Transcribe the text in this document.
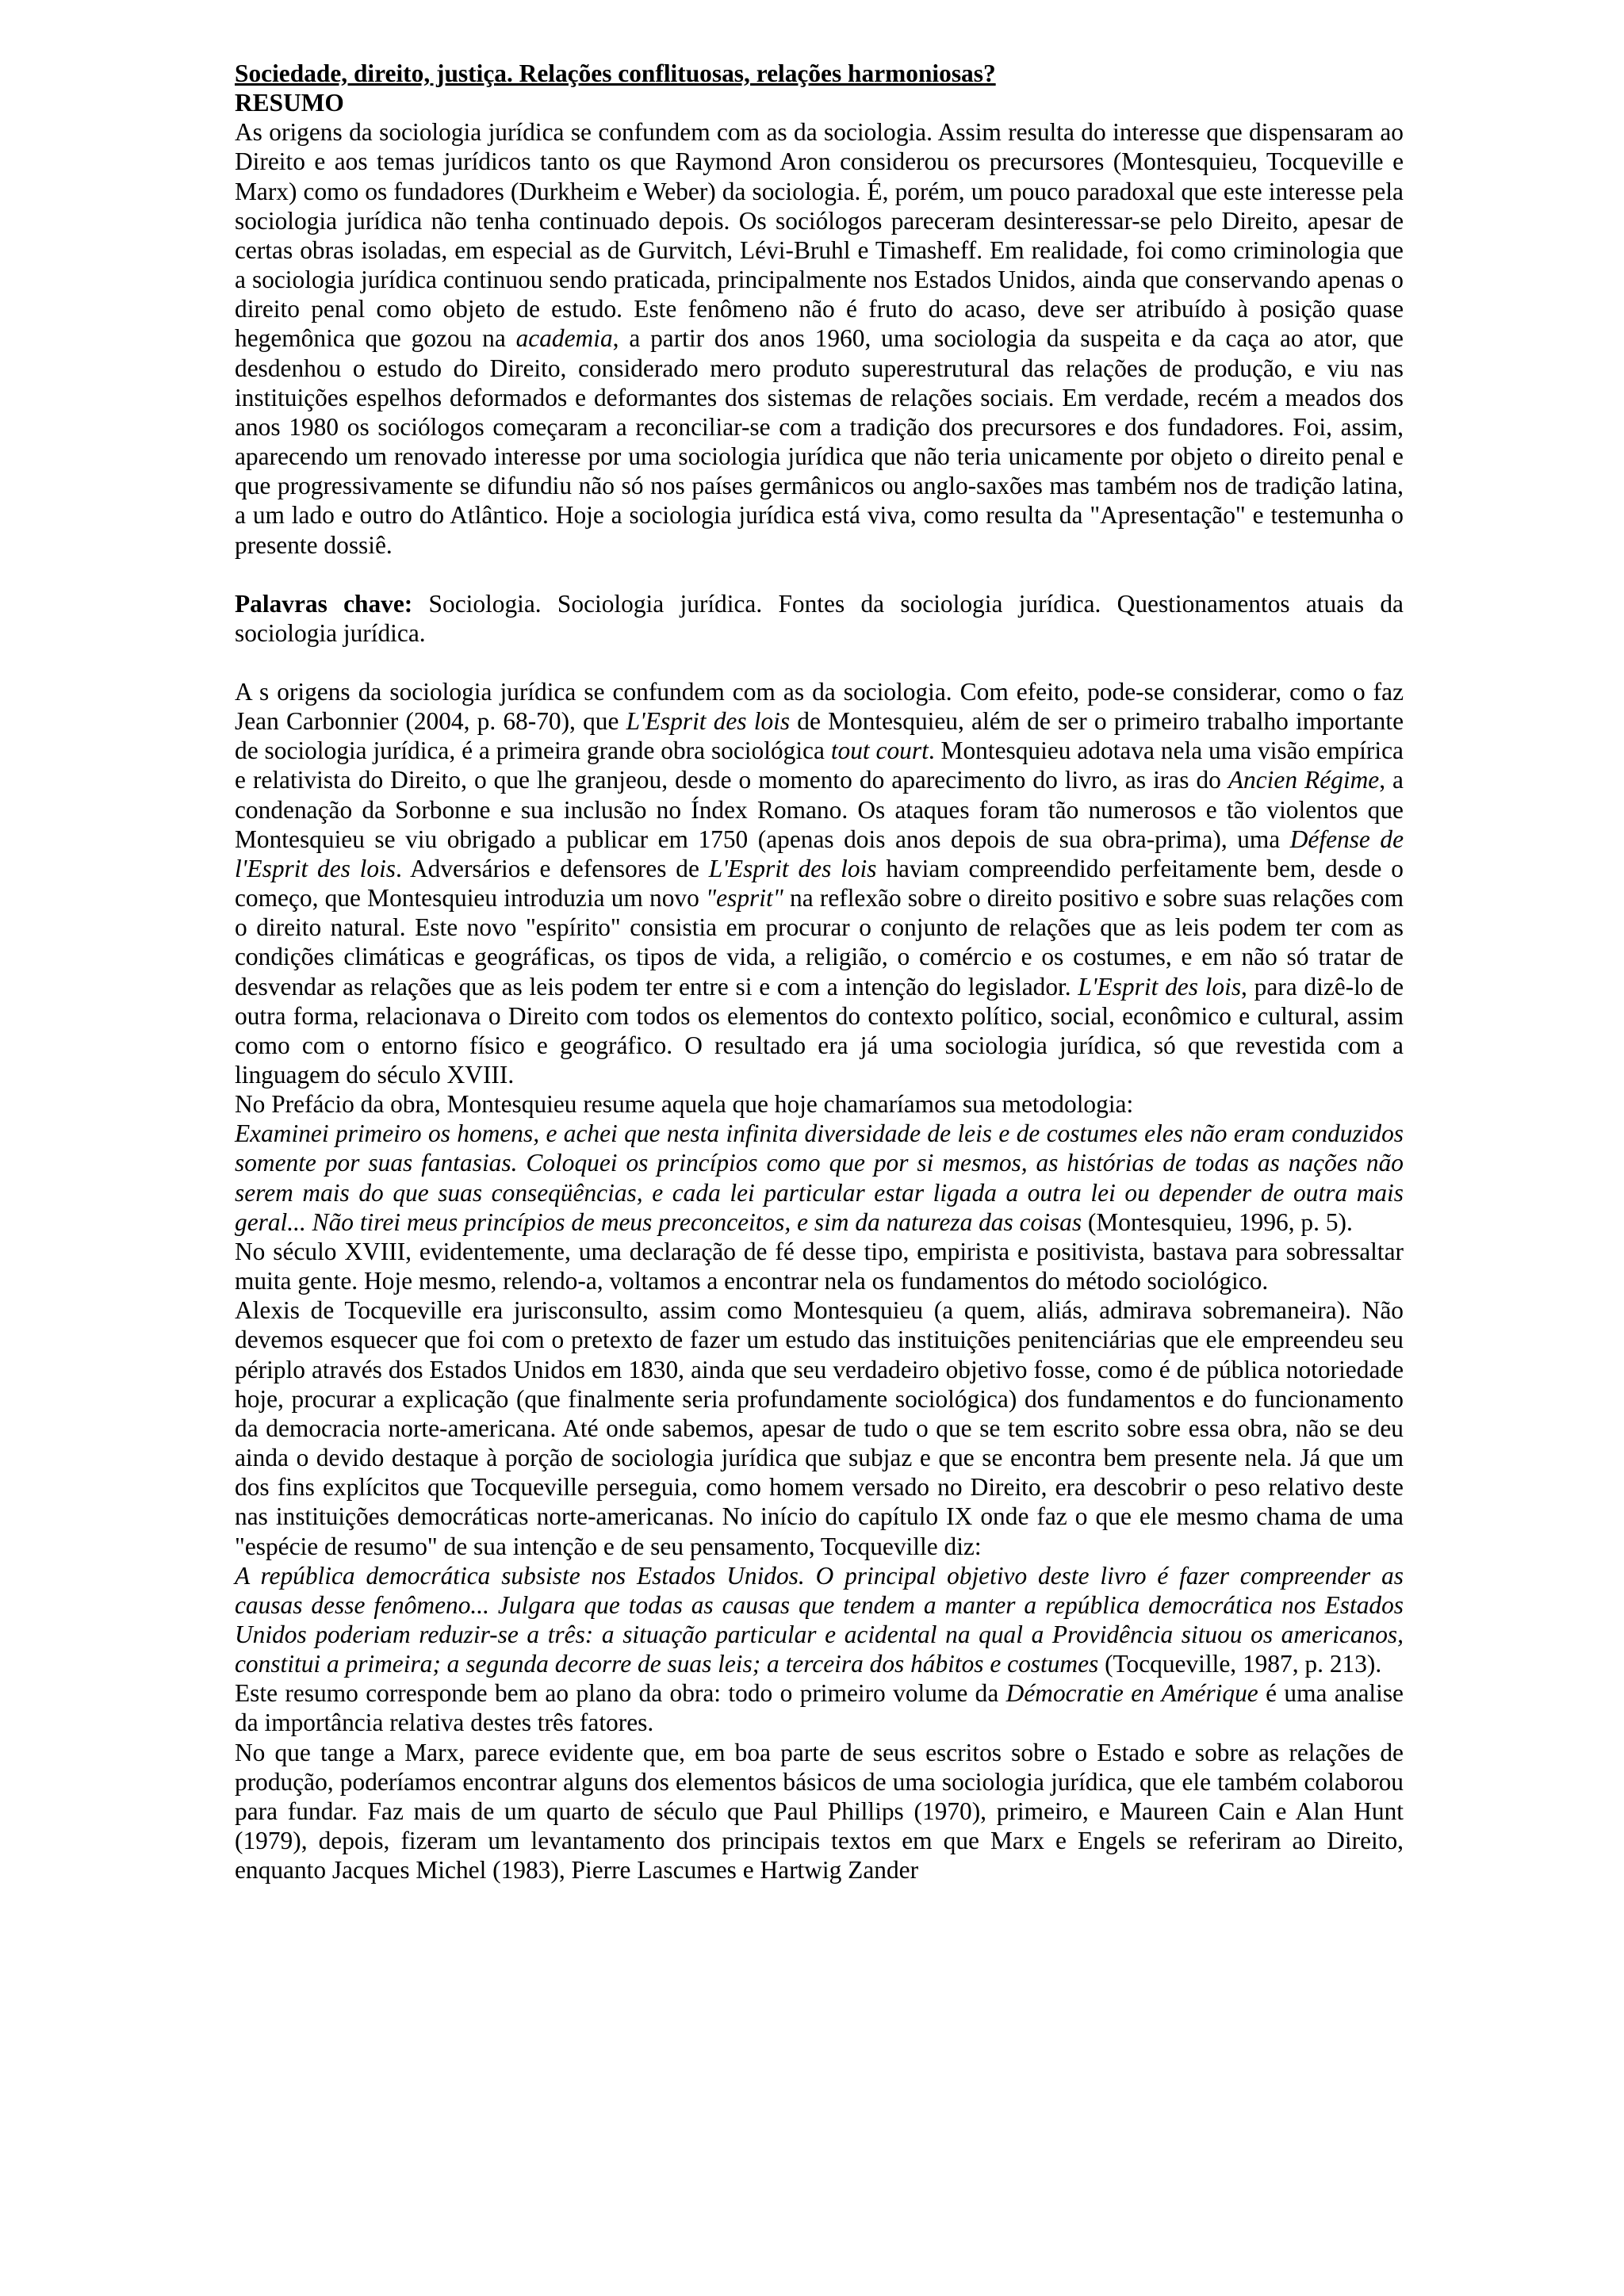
Sociedade, direito, justiça. Relações conflituosas, relações harmoniosas?

RESUMO

As origens da sociologia jurídica se confundem com as da sociologia. Assim resulta do interesse que dispensaram ao Direito e aos temas jurídicos tanto os que Raymond Aron considerou os precursores (Montesquieu, Tocqueville e Marx) como os fundadores (Durkheim e Weber) da sociologia. É, porém, um pouco paradoxal que este interesse pela sociologia jurídica não tenha continuado depois. Os sociólogos pareceram desinteressar-se pelo Direito, apesar de certas obras isoladas, em especial as de Gurvitch, Lévi-Bruhl e Timasheff. Em realidade, foi como criminologia que a sociologia jurídica continuou sendo praticada, principalmente nos Estados Unidos, ainda que conservando apenas o direito penal como objeto de estudo. Este fenômeno não é fruto do acaso, deve ser atribuído à posição quase hegemônica que gozou na academia, a partir dos anos 1960, uma sociologia da suspeita e da caça ao ator, que desdenhou o estudo do Direito, considerado mero produto superestrutural das relações de produção, e viu nas instituições espelhos deformados e deformantes dos sistemas de relações sociais. Em verdade, recém a meados dos anos 1980 os sociólogos começaram a reconciliar-se com a tradição dos precursores e dos fundadores. Foi, assim, aparecendo um renovado interesse por uma sociologia jurídica que não teria unicamente por objeto o direito penal e que progressivamente se difundiu não só nos países germânicos ou anglo-saxões mas também nos de tradição latina, a um lado e outro do Atlântico. Hoje a sociologia jurídica está viva, como resulta da "Apresentação" e testemunha o presente dossiê.

Palavras chave: Sociologia. Sociologia jurídica. Fontes da sociologia jurídica. Questionamentos atuais da sociologia jurídica.

A s origens da sociologia jurídica se confundem com as da sociologia. Com efeito, pode-se considerar, como o faz Jean Carbonnier (2004, p. 68-70), que L'Esprit des lois de Montesquieu, além de ser o primeiro trabalho importante de sociologia jurídica, é a primeira grande obra sociológica tout court. Montesquieu adotava nela uma visão empírica e relativista do Direito, o que lhe granjeou, desde o momento do aparecimento do livro, as iras do Ancien Régime, a condenação da Sorbonne e sua inclusão no Índex Romano. Os ataques foram tão numerosos e tão violentos que Montesquieu se viu obrigado a publicar em 1750 (apenas dois anos depois de sua obra-prima), uma Défense de l'Esprit des lois. Adversários e defensores de L'Esprit des lois haviam compreendido perfeitamente bem, desde o começo, que Montesquieu introduzia um novo "esprit" na reflexão sobre o direito positivo e sobre suas relações com o direito natural. Este novo "espírito" consistia em procurar o conjunto de relações que as leis podem ter com as condições climáticas e geográficas, os tipos de vida, a religião, o comércio e os costumes, e em não só tratar de desvendar as relações que as leis podem ter entre si e com a intenção do legislador. L'Esprit des lois, para dizê-lo de outra forma, relacionava o Direito com todos os elementos do contexto político, social, econômico e cultural, assim como com o entorno físico e geográfico. O resultado era já uma sociologia jurídica, só que revestida com a linguagem do século XVIII.

No Prefácio da obra, Montesquieu resume aquela que hoje chamaríamos sua metodologia:

Examinei primeiro os homens, e achei que nesta infinita diversidade de leis e de costumes eles não eram conduzidos somente por suas fantasias. Coloquei os princípios como que por si mesmos, as histórias de todas as nações não serem mais do que suas conseqüências, e cada lei particular estar ligada a outra lei ou depender de outra mais geral... Não tirei meus princípios de meus preconceitos, e sim da natureza das coisas (Montesquieu, 1996, p. 5).

No século XVIII, evidentemente, uma declaração de fé desse tipo, empirista e positivista, bastava para sobressaltar muita gente. Hoje mesmo, relendo-a, voltamos a encontrar nela os fundamentos do método sociológico.

Alexis de Tocqueville era jurisconsulto, assim como Montesquieu (a quem, aliás, admirava sobremaneira). Não devemos esquecer que foi com o pretexto de fazer um estudo das instituições penitenciárias que ele empreendeu seu périplo através dos Estados Unidos em 1830, ainda que seu verdadeiro objetivo fosse, como é de pública notoriedade hoje, procurar a explicação (que finalmente seria profundamente sociológica) dos fundamentos e do funcionamento da democracia norte-americana. Até onde sabemos, apesar de tudo o que se tem escrito sobre essa obra, não se deu ainda o devido destaque à porção de sociologia jurídica que subjaz e que se encontra bem presente nela. Já que um dos fins explícitos que Tocqueville perseguia, como homem versado no Direito, era descobrir o peso relativo deste nas instituições democráticas norte-americanas. No início do capítulo IX onde faz o que ele mesmo chama de uma "espécie de resumo" de sua intenção e de seu pensamento, Tocqueville diz:

A república democrática subsiste nos Estados Unidos. O principal objetivo deste livro é fazer compreender as causas desse fenômeno... Julgara que todas as causas que tendem a manter a república democrática nos Estados Unidos poderiam reduzir-se a três: a situação particular e acidental na qual a Providência situou os americanos, constitui a primeira; a segunda decorre de suas leis; a terceira dos hábitos e costumes (Tocqueville, 1987, p. 213).

Este resumo corresponde bem ao plano da obra: todo o primeiro volume da Démocratie en Amérique é uma analise da importância relativa destes três fatores.

No que tange a Marx, parece evidente que, em boa parte de seus escritos sobre o Estado e sobre as relações de produção, poderíamos encontrar alguns dos elementos básicos de uma sociologia jurídica, que ele também colaborou para fundar. Faz mais de um quarto de século que Paul Phillips (1970), primeiro, e Maureen Cain e Alan Hunt (1979), depois, fizeram um levantamento dos principais textos em que Marx e Engels se referiram ao Direito, enquanto Jacques Michel (1983), Pierre Lascumes e Hartwig Zander
